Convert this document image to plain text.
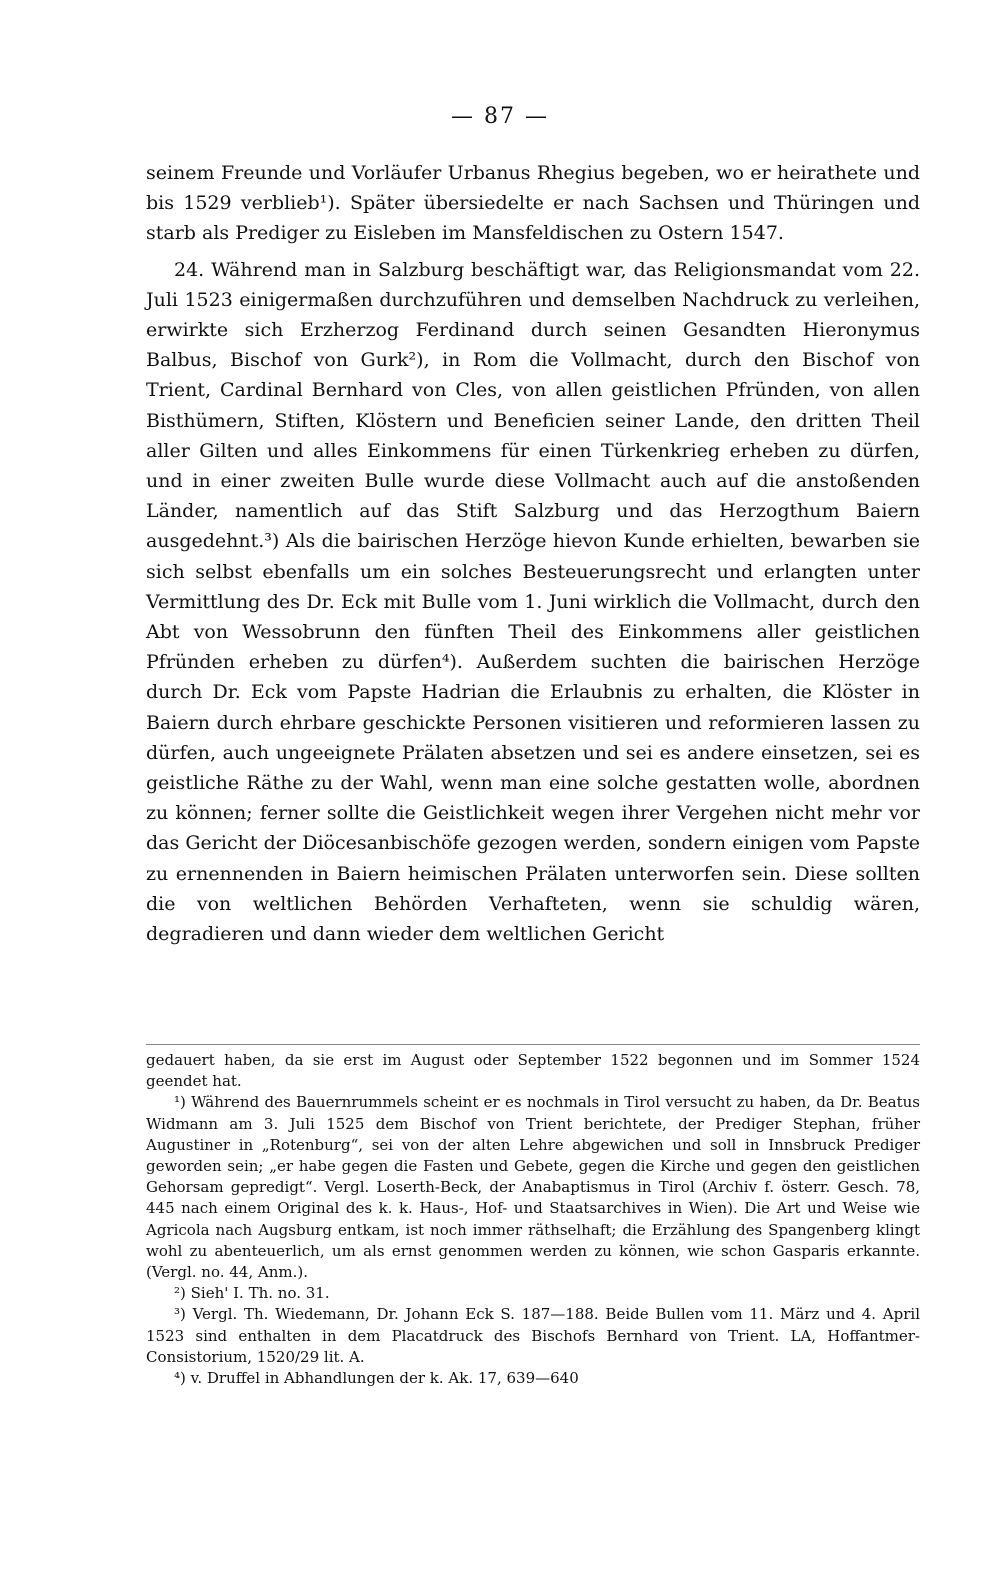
— 87 —

seinem Freunde und Vorläufer Urbanus Rhegius begeben, wo er heirathete und bis 1529 verblieb¹). Später übersiedelte er nach Sachsen und Thüringen und starb als Prediger zu Eisleben im Mansfeldischen zu Ostern 1547.

24. Während man in Salzburg beschäftigt war, das Religionsmandat vom 22. Juli 1523 einigermaßen durchzuführen und demselben Nachdruck zu verleihen, erwirkte sich Erzherzog Ferdinand durch seinen Gesandten Hieronymus Balbus, Bischof von Gurk²), in Rom die Vollmacht, durch den Bischof von Trient, Cardinal Bernhard von Cles, von allen geistlichen Pfründen, von allen Bisthümern, Stiften, Klöstern und Beneficien seiner Lande, den dritten Theil aller Gilten und alles Einkommens für einen Türkenkrieg erheben zu dürfen, und in einer zweiten Bulle wurde diese Vollmacht auch auf die anstoßenden Länder, namentlich auf das Stift Salzburg und das Herzogthum Baiern ausgedehnt.³) Als die bairischen Herzöge hievon Kunde erhielten, bewarben sie sich selbst ebenfalls um ein solches Besteuerungsrecht und erlangten unter Vermittlung des Dr. Eck mit Bulle vom 1. Juni wirklich die Vollmacht, durch den Abt von Wessobrunn den fünften Theil des Einkommens aller geistlichen Pfründen erheben zu dürfen⁴). Außerdem suchten die bairischen Herzöge durch Dr. Eck vom Papste Hadrian die Erlaubnis zu erhalten, die Klöster in Baiern durch ehrbare geschickte Personen visitieren und reformieren lassen zu dürfen, auch ungeeignete Prälaten absetzen und sei es andere einsetzen, sei es geistliche Räthe zu der Wahl, wenn man eine solche gestatten wolle, abordnen zu können; ferner sollte die Geistlichkeit wegen ihrer Vergehen nicht mehr vor das Gericht der Diöcesanbischöfe gezogen werden, sondern einigen vom Papste zu ernennenden in Baiern heimischen Prälaten unterworfen sein. Diese sollten die von weltlichen Behörden Verhafteten, wenn sie schuldig wären, degradieren und dann wieder dem weltlichen Gericht

gedauert haben, da sie erst im August oder September 1522 begonnen und im Sommer 1524 geendet hat.

¹) Während des Bauernrummels scheint er es nochmals in Tirol versucht zu haben, da Dr. Beatus Widmann am 3. Juli 1525 dem Bischof von Trient berichtete, der Prediger Stephan, früher Augustiner in „Rotenburg“, sei von der alten Lehre abgewichen und soll in Innsbruck Prediger geworden sein; „er habe gegen die Fasten und Gebete, gegen die Kirche und gegen den geistlichen Gehorsam gepredigt“. Vergl. Loserth-Beck, der Anabaptismus in Tirol (Archiv f. österr. Gesch. 78, 445 nach einem Original des k. k. Haus-, Hof- und Staatsarchives in Wien). Die Art und Weise wie Agricola nach Augsburg entkam, ist noch immer räthselhaft; die Erzählung des Spangenberg klingt wohl zu abenteuerlich, um als ernst genommen werden zu können, wie schon Gasparis erkannte. (Vergl. no. 44, Anm.).

²) Sieh' I. Th. no. 31.

³) Vergl. Th. Wiedemann, Dr. Johann Eck S. 187—188. Beide Bullen vom 11. März und 4. April 1523 sind enthalten in dem Placatdruck des Bischofs Bernhard von Trient. LA, Hoffantmer-Consistorium, 1520/29 lit. A.

⁴) v. Druffel in Abhandlungen der k. Ak. 17, 639—640
